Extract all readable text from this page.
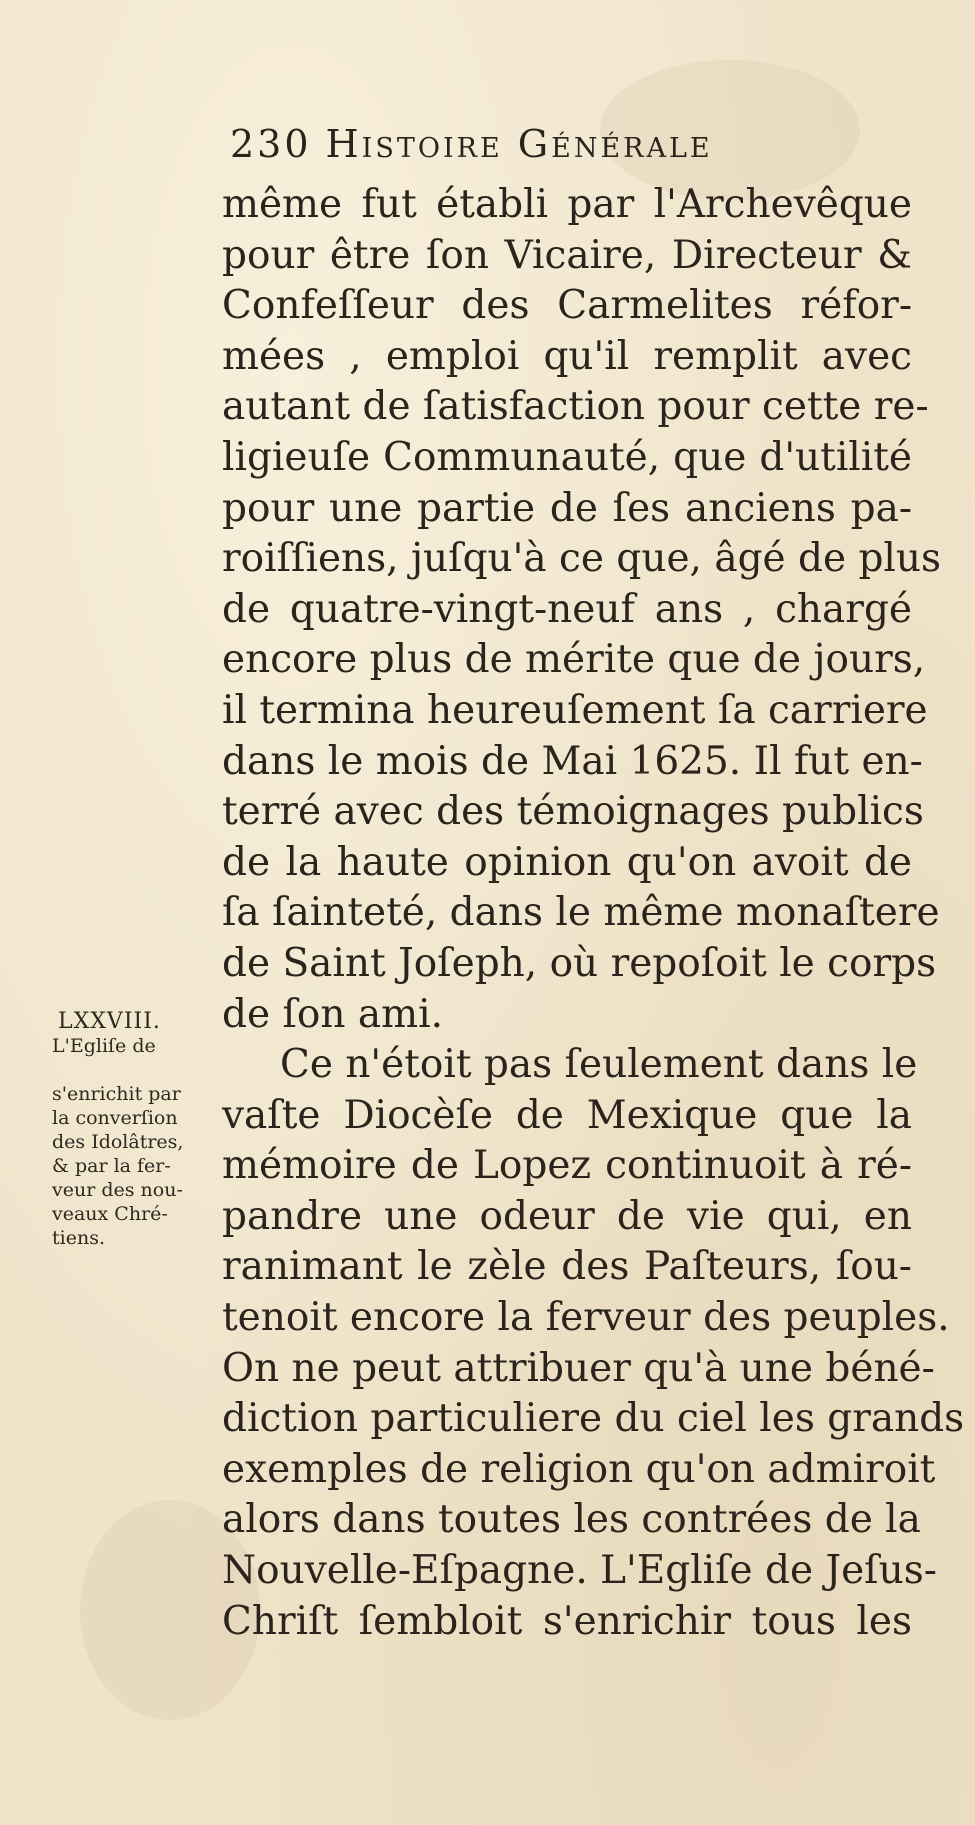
230 Histoire Générale
même fut établi par l'Archevêque
pour être ſon Vicaire, Directeur &
Confeſſeur des Carmelites réfor-
mées , emploi qu'il remplit avec
autant de ſatisfaction pour cette re-
ligieuſe Communauté, que d'utilité
pour une partie de ſes anciens pa-
roiſſiens, juſqu'à ce que, âgé de plus
de quatre-vingt-neuf ans , chargé
encore plus de mérite que de jours,
il termina heureuſement ſa carriere
dans le mois de Mai 1625. Il fut en-
terré avec des témoignages publics
de la haute opinion qu'on avoit de
ſa ſainteté, dans le même monaſtere
de Saint Joſeph, où repoſoit le corps
de ſon ami.
Ce n'étoit pas ſeulement dans le
vaſte Diocèſe de Mexique que la
mémoire de Lopez continuoit à ré-
pandre une odeur de vie qui, en
ranimant le zèle des Paſteurs, ſou-
tenoit encore la ferveur des peuples.
On ne peut attribuer qu'à une béné-
diction particuliere du ciel les grands
exemples de religion qu'on admiroit
alors dans toutes les contrées de la
Nouvelle-Eſpagne. L'Egliſe de Jeſus-
Chriſt ſembloit s'enrichir tous les
LXXVIII.
L'Egliſe de

s'enrichit par
la converſion
des Idolâtres,
& par la fer-
veur des nou-
veaux Chré-
tiens.
